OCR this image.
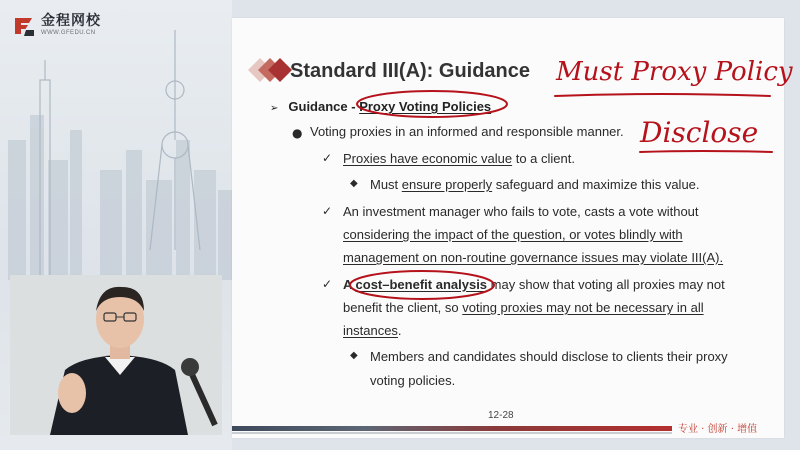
金程网校
WWW.GFEDU.CN
Standard III(A): Guidance
➢ Guidance - Proxy Voting Policies
● Voting proxies in an informed and responsible manner.
✓ Proxies have economic value to a client.
◆ Must ensure properly safeguard and maximize this value.
✓ An investment manager who fails to vote, casts a vote without
considering the impact of the question, or votes blindly with
management on non-routine governance issues may violate III(A).
✓ A cost–benefit analysis may show that voting all proxies may not
benefit the client, so voting proxies may not be necessary in all
instances.
◆ Members and candidates should disclose to clients their proxy
voting policies.
12-28
专业 · 创新 · 增值
Must Proxy Policy
Disclose
